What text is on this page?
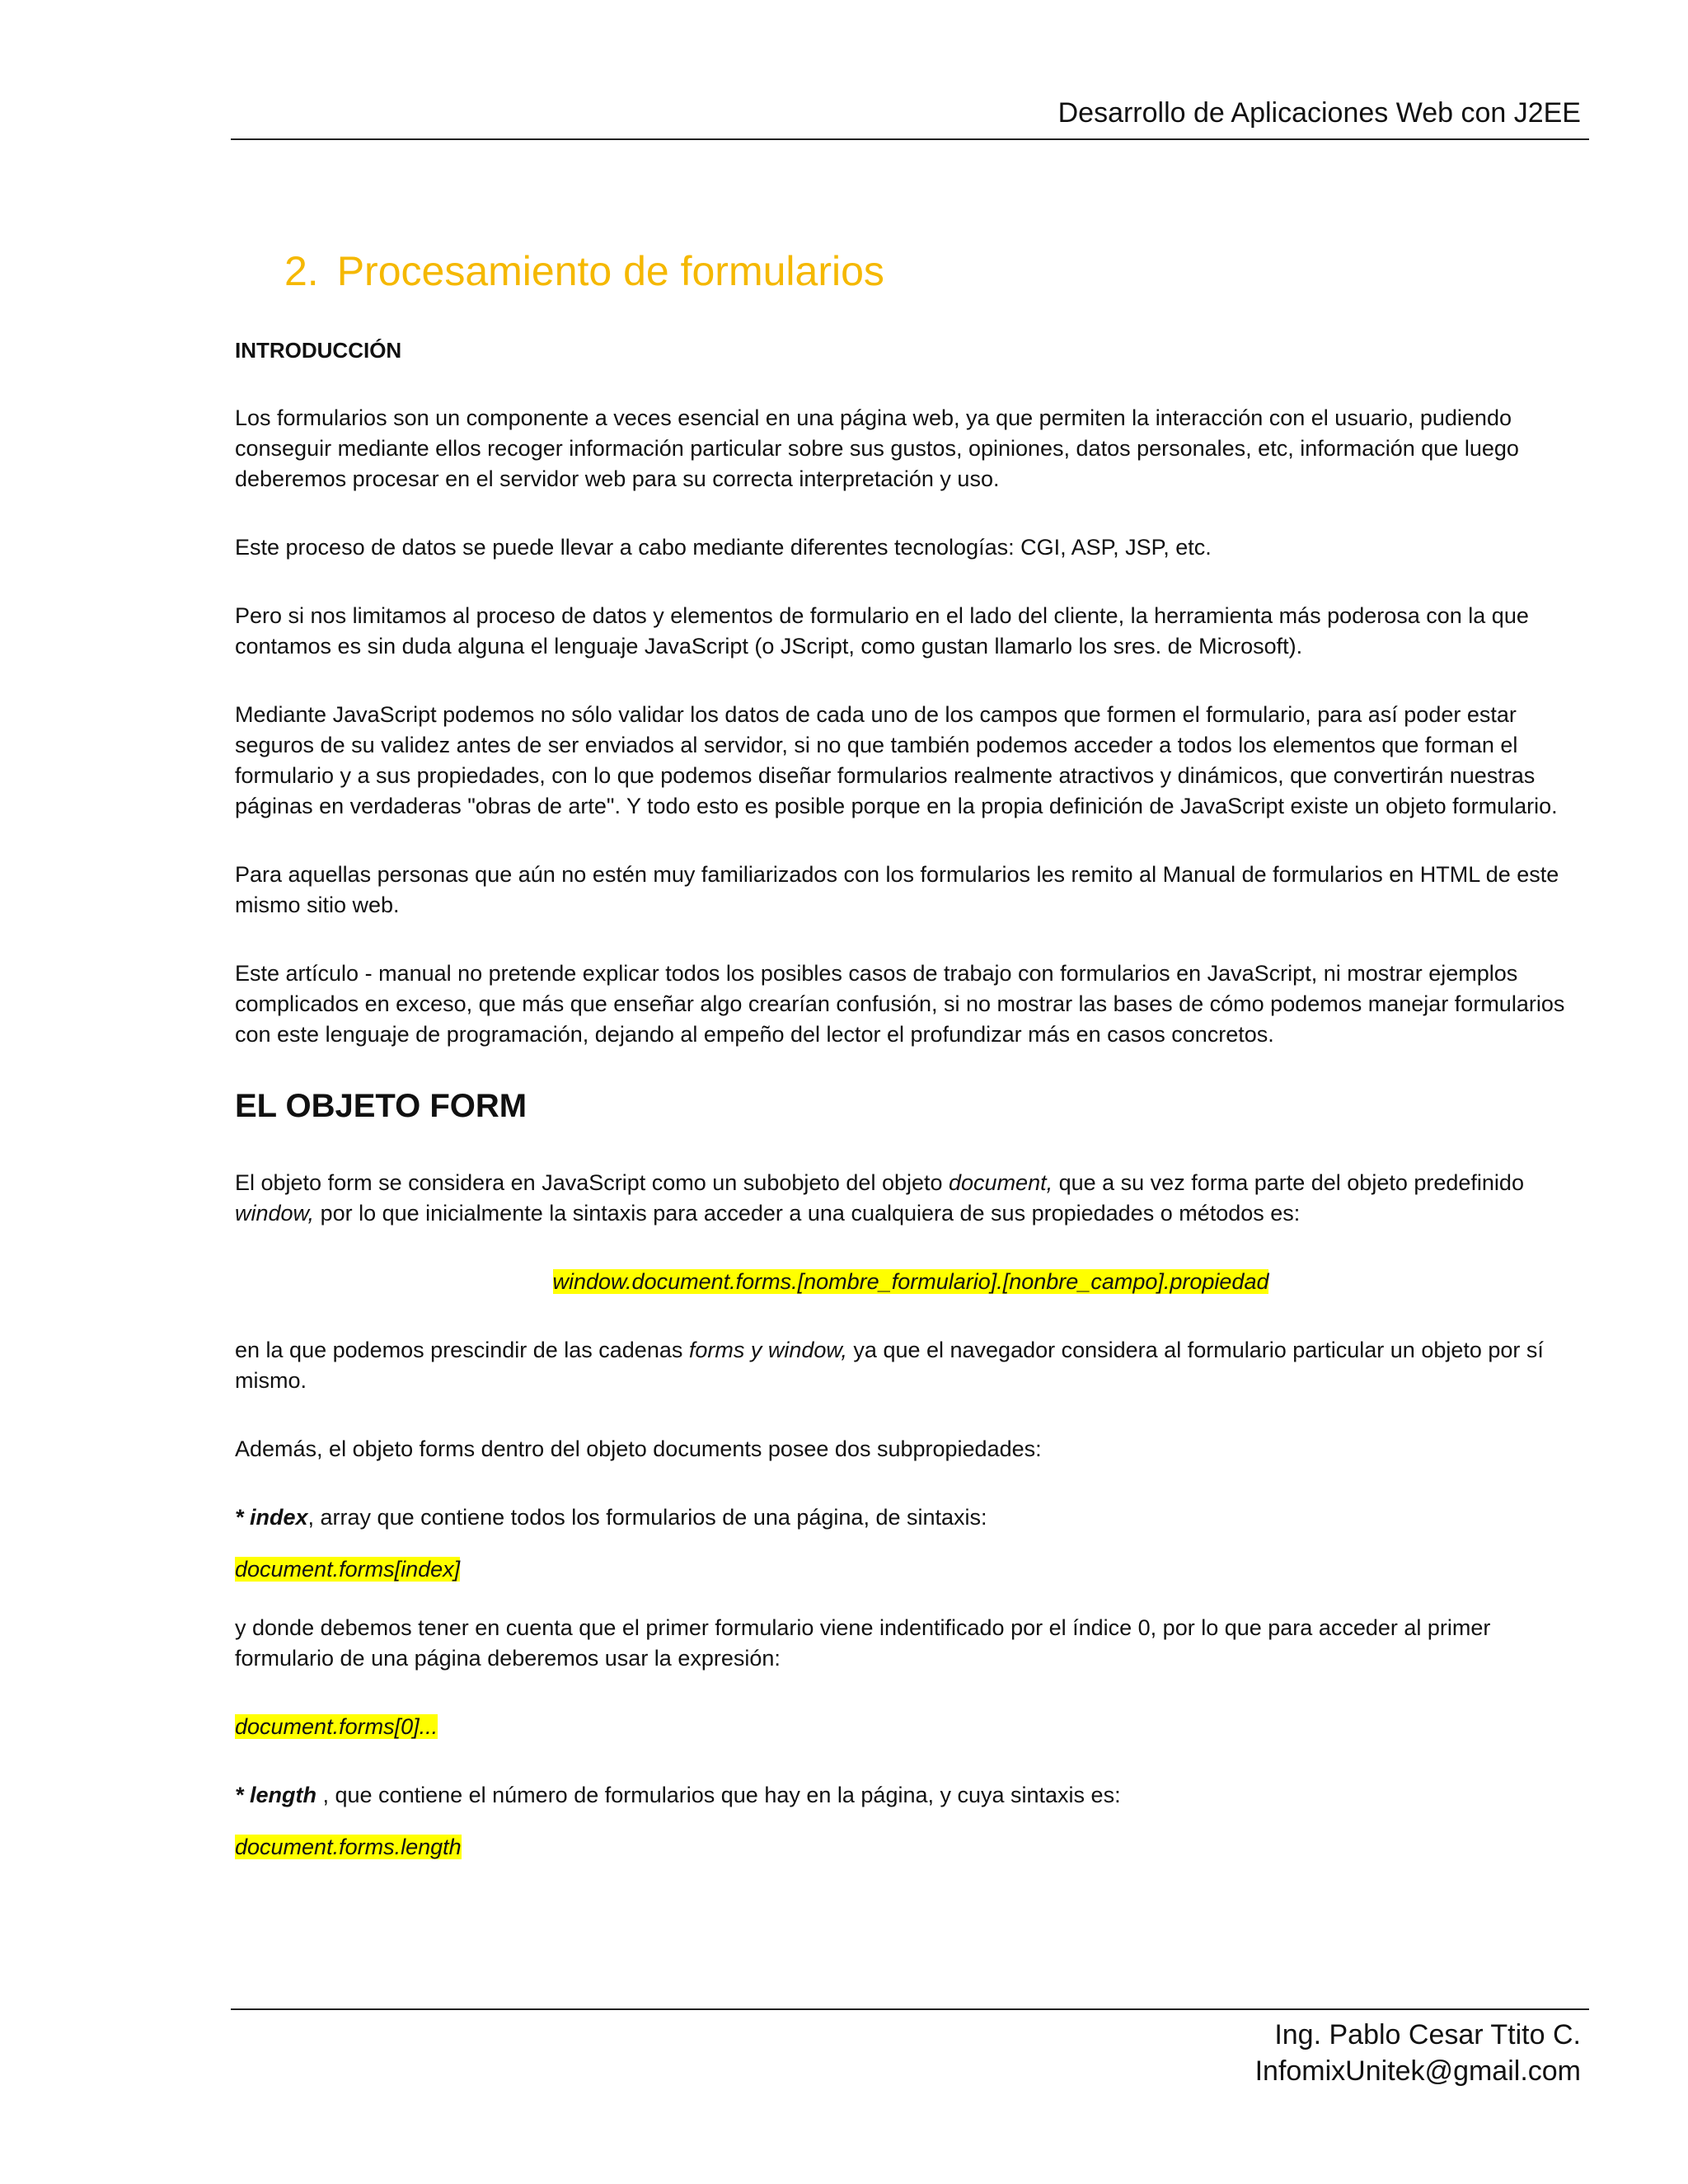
Desarrollo de Aplicaciones Web con J2EE
2. Procesamiento de formularios
INTRODUCCIÓN

Los formularios son un componente a veces esencial en una página web, ya que permiten la interacción con el usuario, pudiendo conseguir mediante ellos recoger información particular sobre sus gustos, opiniones, datos personales, etc, información que luego deberemos procesar en el servidor web para su correcta interpretación y uso.

Este proceso de datos se puede llevar a cabo mediante diferentes tecnologías: CGI, ASP, JSP, etc.

Pero si nos limitamos al proceso de datos y elementos de formulario en el lado del cliente, la herramienta más poderosa con la que contamos es sin duda alguna el lenguaje JavaScript (o JScript, como gustan llamarlo los sres. de Microsoft).

Mediante JavaScript podemos no sólo validar los datos de cada uno de los campos que formen el formulario, para así poder estar seguros de su validez antes de ser enviados al servidor, si no que también podemos acceder a todos los elementos que forman el formulario y a sus propiedades, con lo que podemos diseñar formularios realmente atractivos y dinámicos, que convertirán nuestras páginas en verdaderas "obras de arte". Y todo esto es posible porque en la propia definición de JavaScript existe un objeto formulario.

Para aquellas personas que aún no estén muy familiarizados con los formularios les remito al Manual de formularios en HTML de este mismo sitio web.

Este artículo - manual no pretende explicar todos los posibles casos de trabajo con formularios en JavaScript, ni mostrar ejemplos complicados en exceso, que más que enseñar algo crearían confusión, si no mostrar las bases de cómo podemos manejar formularios con este lenguaje de programación, dejando al empeño del lector el profundizar más en casos concretos.

EL OBJETO FORM

El objeto form se considera en JavaScript como un subobjeto del objeto document, que a su vez forma parte del objeto predefinido window, por lo que inicialmente la sintaxis para acceder a una cualquiera de sus propiedades o métodos es:

window.document.forms.[nombre_formulario].[nonbre_campo].propiedad

en la que podemos prescindir de las cadenas forms y window, ya que el navegador considera al formulario particular un objeto por sí mismo.

Además, el objeto forms dentro del objeto documents posee dos subpropiedades:

* index, array que contiene todos los formularios de una página, de sintaxis:

document.forms[index]

y donde debemos tener en cuenta que el primer formulario viene indentificado por el índice 0, por lo que para acceder al primer formulario de una página deberemos usar la expresión:

document.forms[0]...

* length , que contiene el número de formularios que hay en la página, y cuya sintaxis es:

document.forms.length
Ing. Pablo Cesar Ttito C.
InfomixUnitek@gmail.com
